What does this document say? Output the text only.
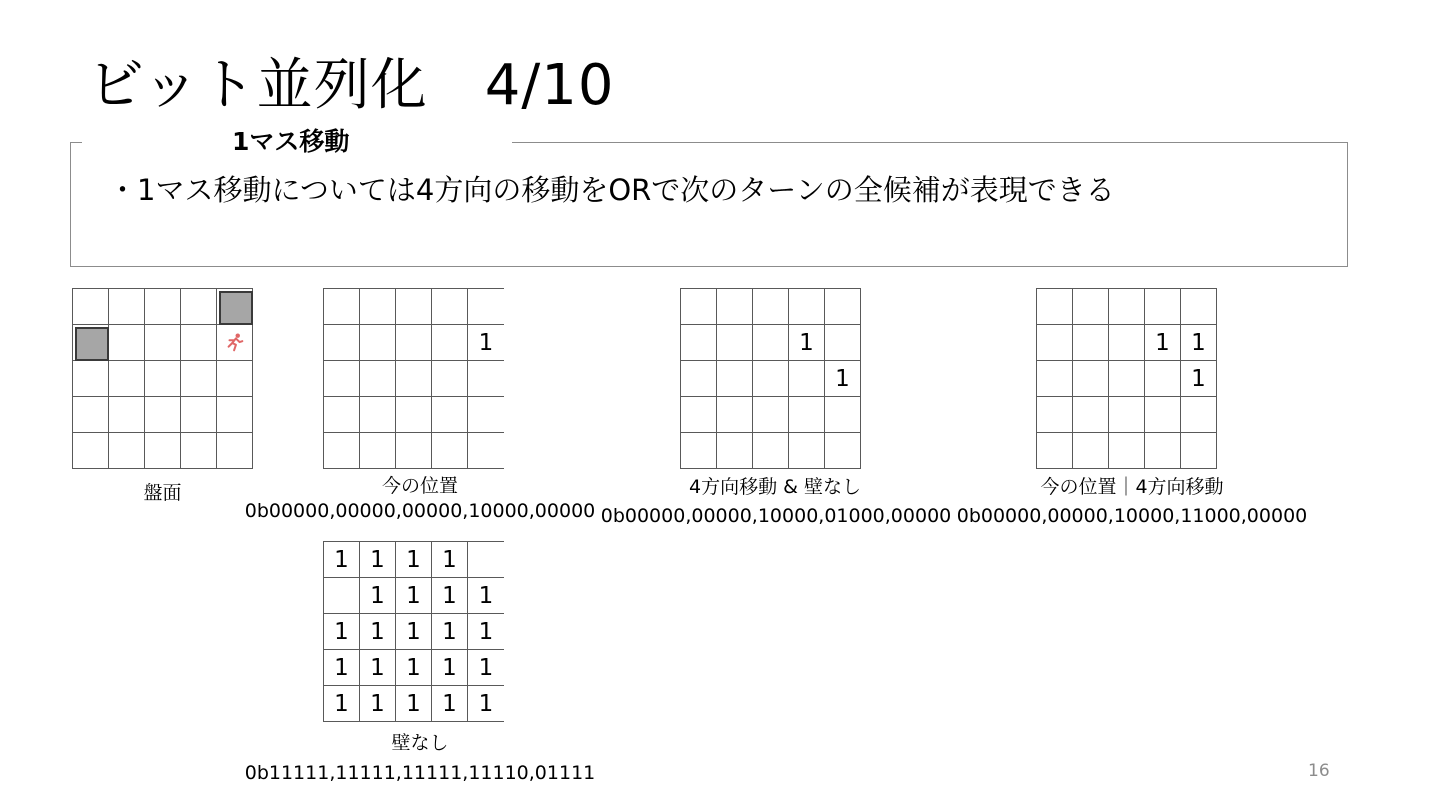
ビット並列化　4/10
1マス移動
・1マス移動については4方向の移動をORで次のターンの全候補が表現できる
盤面
1
今の位置
0b00000,00000,00000,10000,00000
1
1
4方向移動 & 壁なし
0b00000,00000,10000,01000,00000
1 1
1
今の位置｜4方向移動
0b00000,00000,10000,11000,00000
1 1 1 1
1 1 1 1
1 1 1 1 1
1 1 1 1 1
1 1 1 1 1
壁なし
0b11111,11111,11111,11110,01111	16
